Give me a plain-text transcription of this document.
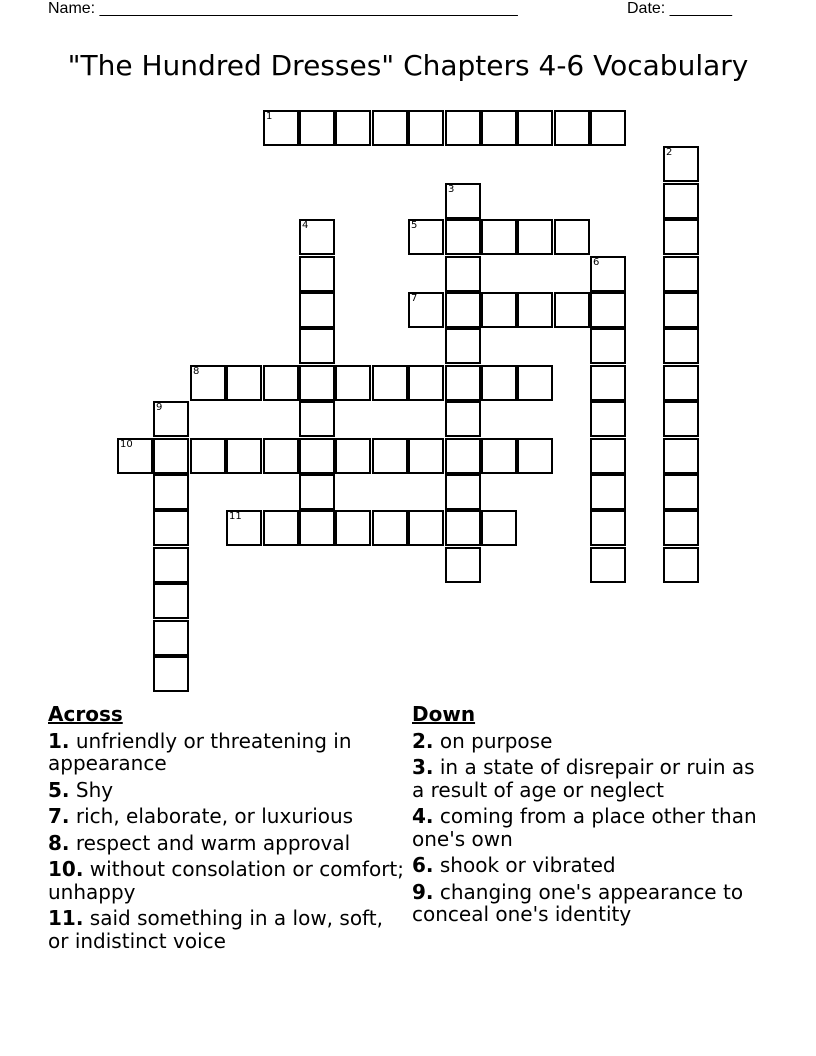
Name: _______________________________________________	Date: _______
"The Hundred Dresses" Chapters 4-6 Vocabulary
1
2
3
4	5
6
7
8
9
10
11
Across
1. unfriendly or threatening in appearance
5. Shy
7. rich, elaborate, or luxurious
8. respect and warm approval
10. without consolation or comfort; unhappy
11. said something in a low, soft, or indistinct voice
Down
2. on purpose
3. in a state of disrepair or ruin as a result of age or neglect
4. coming from a place other than one's own
6. shook or vibrated
9. changing one's appearance to conceal one's identity
